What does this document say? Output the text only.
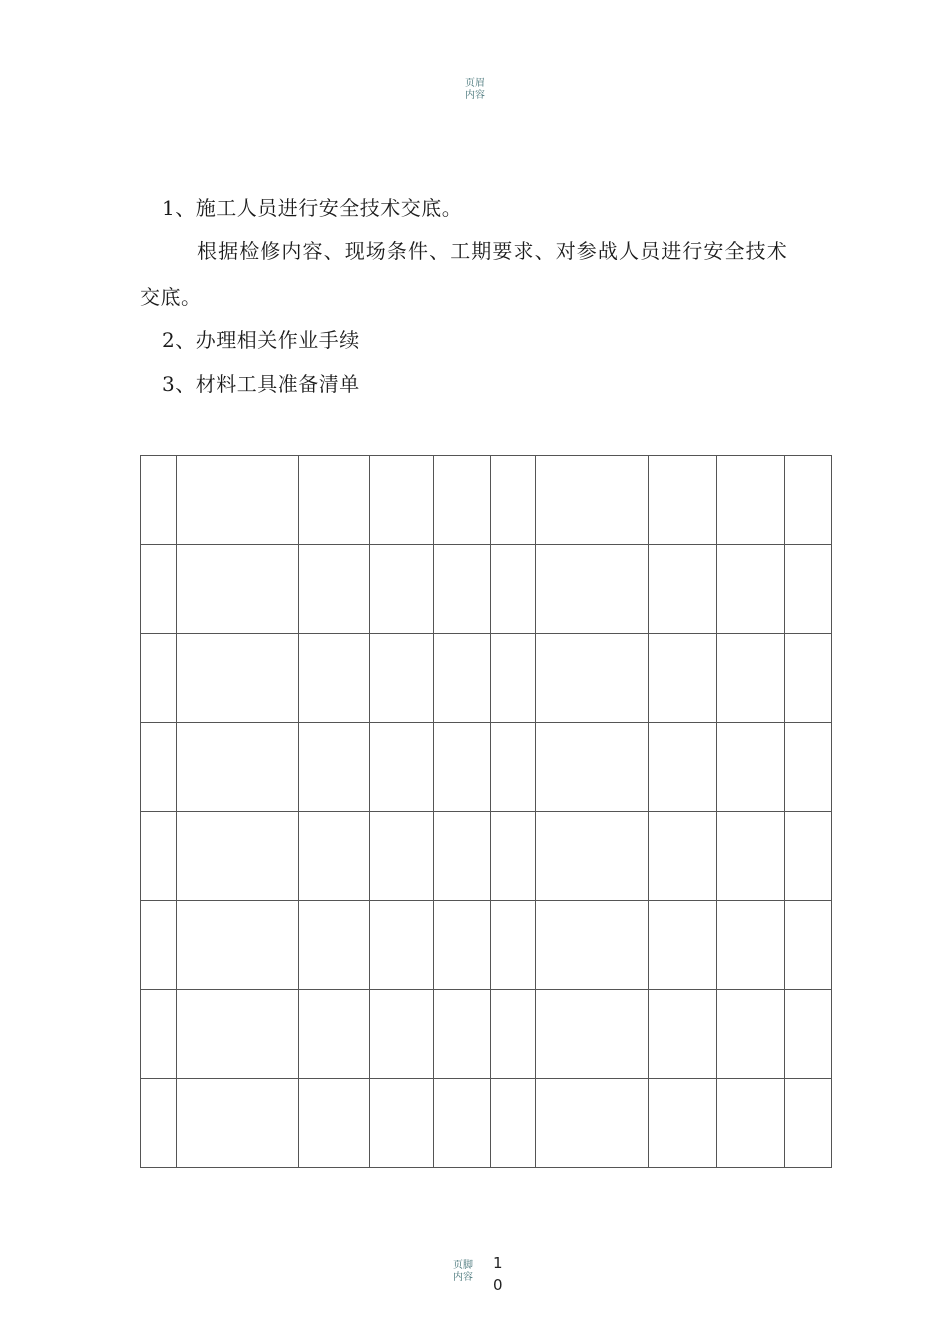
页眉
内容
1、施工人员进行安全技术交底。
根据检修内容、现场条件、工期要求、对参战人员进行安全技术
交底。
2、办理相关作业手续
3、材料工具准备清单

页脚
内容
1
0
